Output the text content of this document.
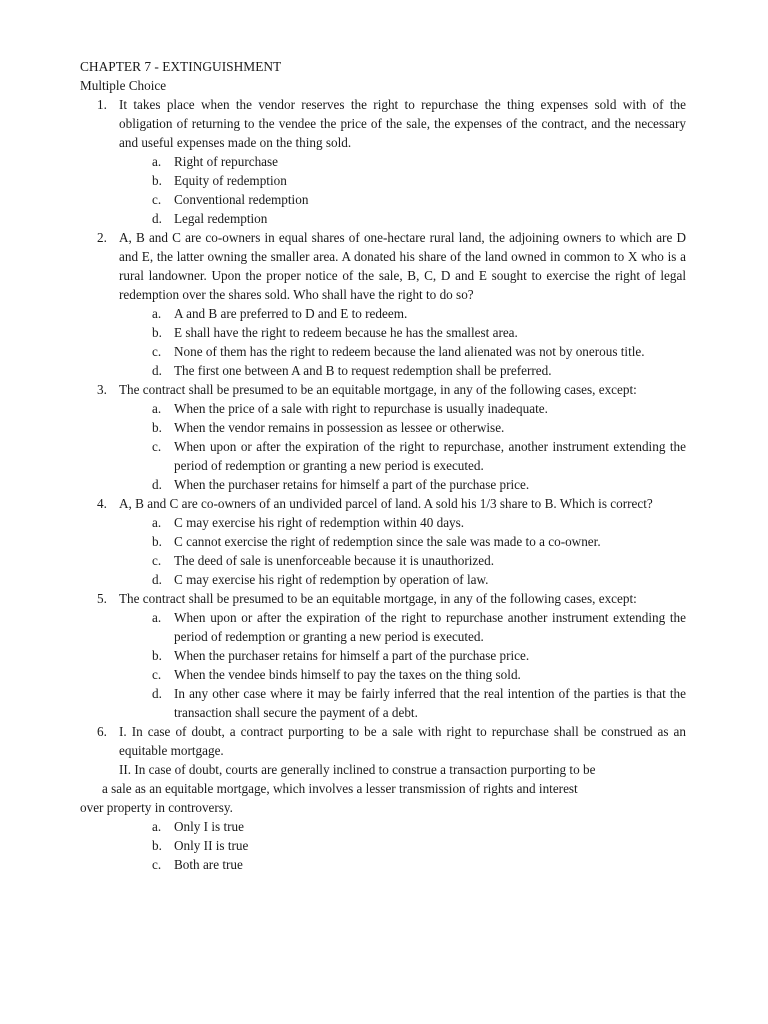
CHAPTER 7 - EXTINGUISHMENT
Multiple Choice
1. It takes place when the vendor reserves the right to repurchase the thing expenses sold with of the obligation of returning to the vendee the price of the sale, the expenses of the contract, and the necessary and useful expenses made on the thing sold.
a. Right of repurchase
b. Equity of redemption
c. Conventional redemption
d. Legal redemption
2. A, B and C are co-owners in equal shares of one-hectare rural land, the adjoining owners to which are D and E, the latter owning the smaller area. A donated his share of the land owned in common to X who is a rural landowner. Upon the proper notice of the sale, B, C, D and E sought to exercise the right of legal redemption over the shares sold. Who shall have the right to do so?
a. A and B are preferred to D and E to redeem.
b. E shall have the right to redeem because he has the smallest area.
c. None of them has the right to redeem because the land alienated was not by onerous title.
d. The first one between A and B to request redemption shall be preferred.
3. The contract shall be presumed to be an equitable mortgage, in any of the following cases, except:
a. When the price of a sale with right to repurchase is usually inadequate.
b. When the vendor remains in possession as lessee or otherwise.
c. When upon or after the expiration of the right to repurchase, another instrument extending the period of redemption or granting a new period is executed.
d. When the purchaser retains for himself a part of the purchase price.
4. A, B and C are co-owners of an undivided parcel of land. A sold his 1/3 share to B. Which is correct?
a. C may exercise his right of redemption within 40 days.
b. C cannot exercise the right of redemption since the sale was made to a co-owner.
c. The deed of sale is unenforceable because it is unauthorized.
d. C may exercise his right of redemption by operation of law.
5. The contract shall be presumed to be an equitable mortgage, in any of the following cases, except:
a. When upon or after the expiration of the right to repurchase another instrument extending the period of redemption or granting a new period is executed.
b. When the purchaser retains for himself a part of the purchase price.
c. When the vendee binds himself to pay the taxes on the thing sold.
d. In any other case where it may be fairly inferred that the real intention of the parties is that the transaction shall secure the payment of a debt.
6. I. In case of doubt, a contract purporting to be a sale with right to repurchase shall be construed as an equitable mortgage.
II. In case of doubt, courts are generally inclined to construe a transaction purporting to be
a sale as an equitable mortgage, which involves a lesser transmission of rights and interest
over property in controversy.
a. Only I is true
b. Only II is true
c. Both are true
